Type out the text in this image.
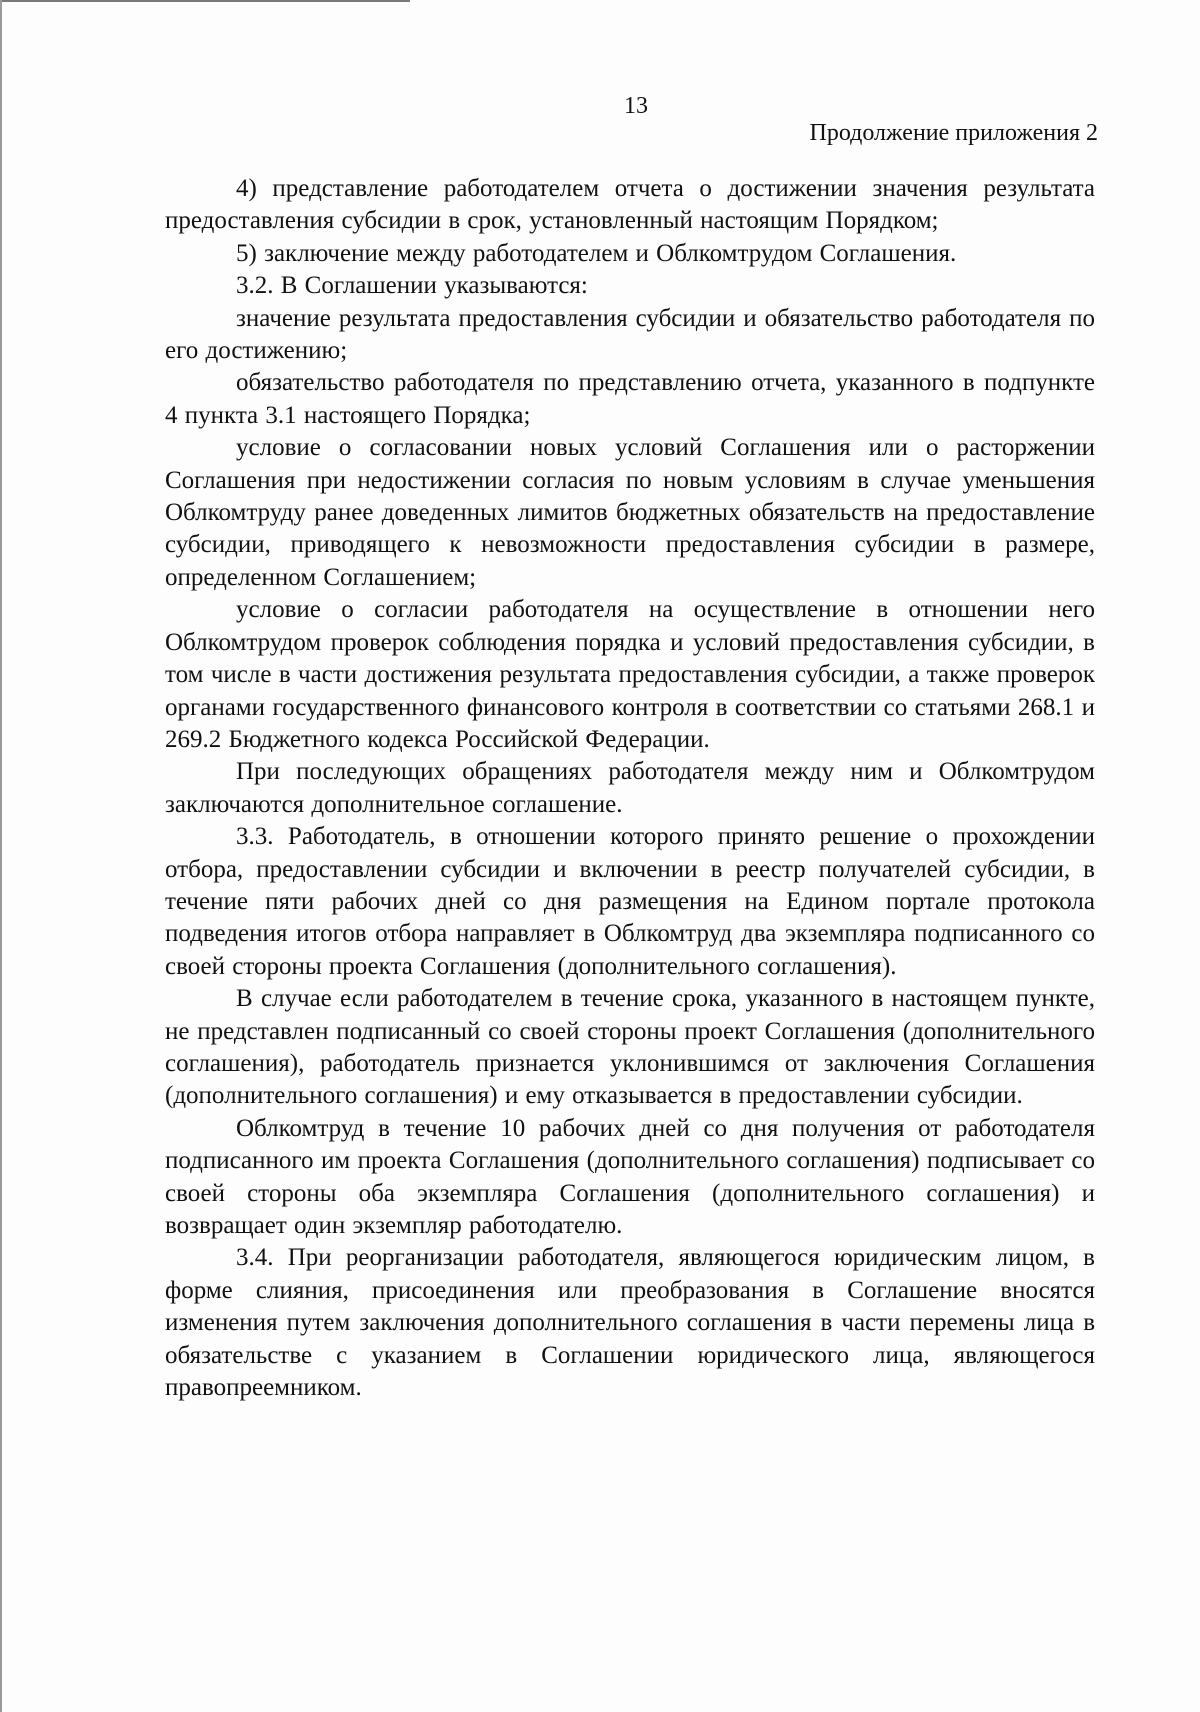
13
Продолжение приложения 2

4) представление работодателем отчета о достижении значения результата предоставления субсидии в срок, установленный настоящим Порядком;

5) заключение между работодателем и Облкомтрудом Соглашения.

3.2. В Соглашении указываются:

значение результата предоставления субсидии и обязательство работодателя по его достижению;

обязательство работодателя по представлению отчета, указанного в подпункте 4 пункта 3.1 настоящего Порядка;

условие о согласовании новых условий Соглашения или о расторжении Соглашения при недостижении согласия по новым условиям в случае уменьшения Облкомтруду ранее доведенных лимитов бюджетных обязательств на предоставление субсидии, приводящего к невозможности предоставления субсидии в размере, определенном Соглашением;

условие о согласии работодателя на осуществление в отношении него Облкомтрудом проверок соблюдения порядка и условий предоставления субсидии, в том числе в части достижения результата предоставления субсидии, а также проверок органами государственного финансового контроля в соответствии со статьями 268.1 и 269.2 Бюджетного кодекса Российской Федерации.

При последующих обращениях работодателя между ним и Облкомтрудом заключаются дополнительное соглашение.

3.3. Работодатель, в отношении которого принято решение о прохождении отбора, предоставлении субсидии и включении в реестр получателей субсидии, в течение пяти рабочих дней со дня размещения на Едином портале протокола подведения итогов отбора направляет в Облкомтруд два экземпляра подписанного со своей стороны проекта Соглашения (дополнительного соглашения).

В случае если работодателем в течение срока, указанного в настоящем пункте, не представлен подписанный со своей стороны проект Соглашения (дополнительного соглашения), работодатель признается уклонившимся от заключения Соглашения (дополнительного соглашения) и ему отказывается в предоставлении субсидии.

Облкомтруд в течение 10 рабочих дней со дня получения от работодателя подписанного им проекта Соглашения (дополнительного соглашения) подписывает со своей стороны оба экземпляра Соглашения (дополнительного соглашения) и возвращает один экземпляр работодателю.

3.4. При реорганизации работодателя, являющегося юридическим лицом, в форме слияния, присоединения или преобразования в Соглашение вносятся изменения путем заключения дополнительного соглашения в части перемены лица в обязательстве с указанием в Соглашении юридического лица, являющегося правопреемником.
